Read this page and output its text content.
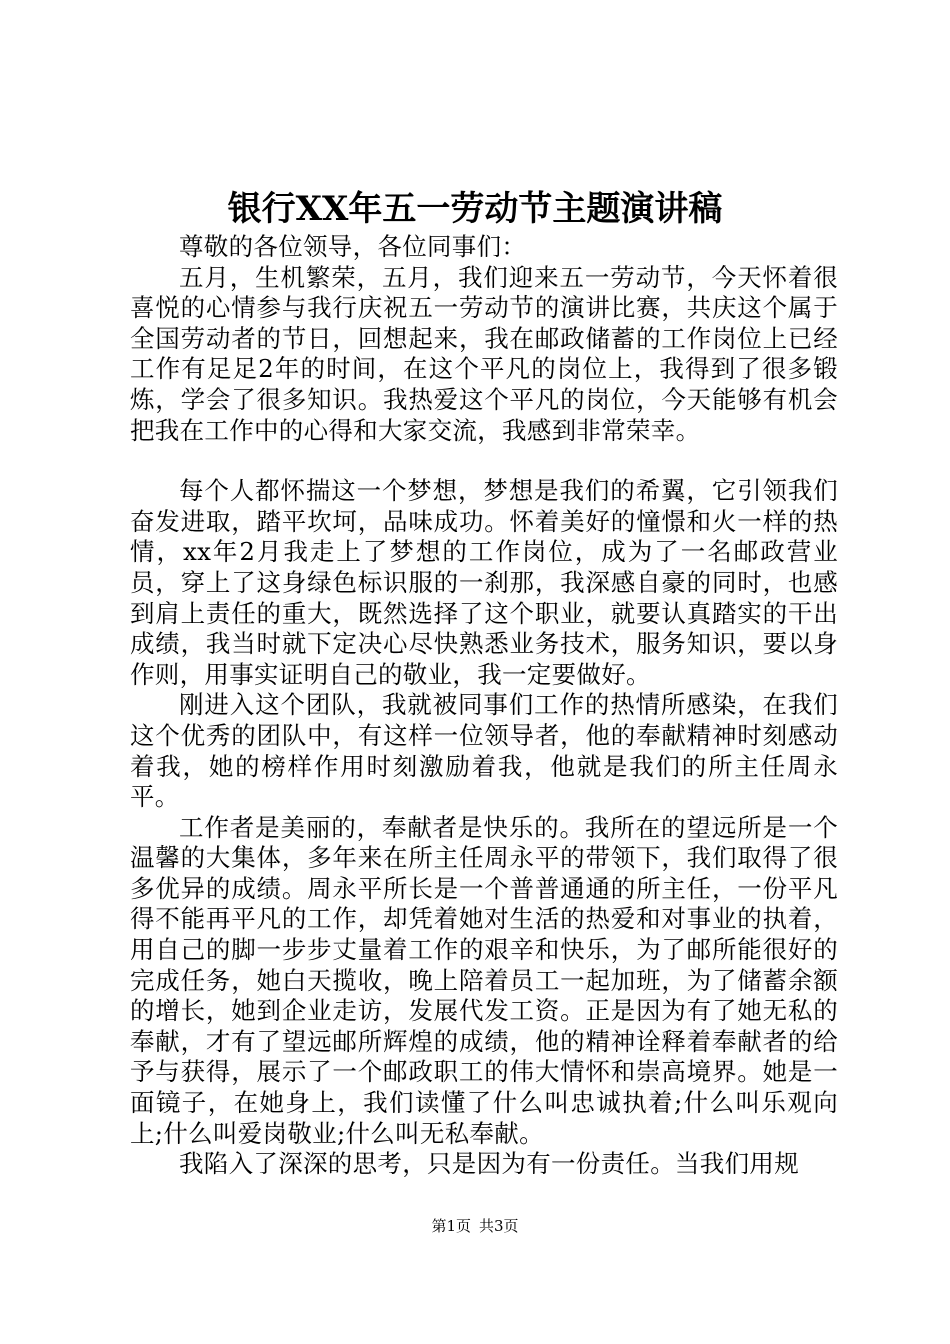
银行XX年五一劳动节主题演讲稿

尊敬的各位领导，各位同事们：

五月，生机繁荣，五月，我们迎来五一劳动节，今天怀着很喜悦的心情参与我行庆祝五一劳动节的演讲比赛，共庆这个属于全国劳动者的节日，回想起来，我在邮政储蓄的工作岗位上已经工作有足足2年的时间，在这个平凡的岗位上，我得到了很多锻炼，学会了很多知识。我热爱这个平凡的岗位，今天能够有机会把我在工作中的心得和大家交流，我感到非常荣幸。

每个人都怀揣这一个梦想，梦想是我们的希翼，它引领我们奋发进取，踏平坎坷，品味成功。怀着美好的憧憬和火一样的热情，xx年2月我走上了梦想的工作岗位，成为了一名邮政营业员，穿上了这身绿色标识服的一刹那，我深感自豪的同时，也感到肩上责任的重大，既然选择了这个职业，就要认真踏实的干出成绩，我当时就下定决心尽快熟悉业务技术，服务知识，要以身作则，用事实证明自己的敬业，我一定要做好。

刚进入这个团队，我就被同事们工作的热情所感染，在我们这个优秀的团队中，有这样一位领导者，他的奉献精神时刻感动着我，她的榜样作用时刻激励着我，他就是我们的所主任周永平。

工作者是美丽的，奉献者是快乐的。我所在的望远所是一个温馨的大集体，多年来在所主任周永平的带领下，我们取得了很多优异的成绩。周永平所长是一个普普通通的所主任，一份平凡得不能再平凡的工作，却凭着她对生活的热爱和对事业的执着，用自己的脚一步步丈量着工作的艰辛和快乐，为了邮所能很好的完成任务，她白天揽收，晚上陪着员工一起加班，为了储蓄余额的增长，她到企业走访，发展代发工资。正是因为有了她无私的奉献，才有了望远邮所辉煌的成绩，他的精神诠释着奉献者的给予与获得，展示了一个邮政职工的伟大情怀和崇高境界。她是一面镜子，在她身上，我们读懂了什么叫忠诚执着;什么叫乐观向上;什么叫爱岗敬业;什么叫无私奉献。

我陷入了深深的思考，只是因为有一份责任。当我们用规

第1页 共3页
